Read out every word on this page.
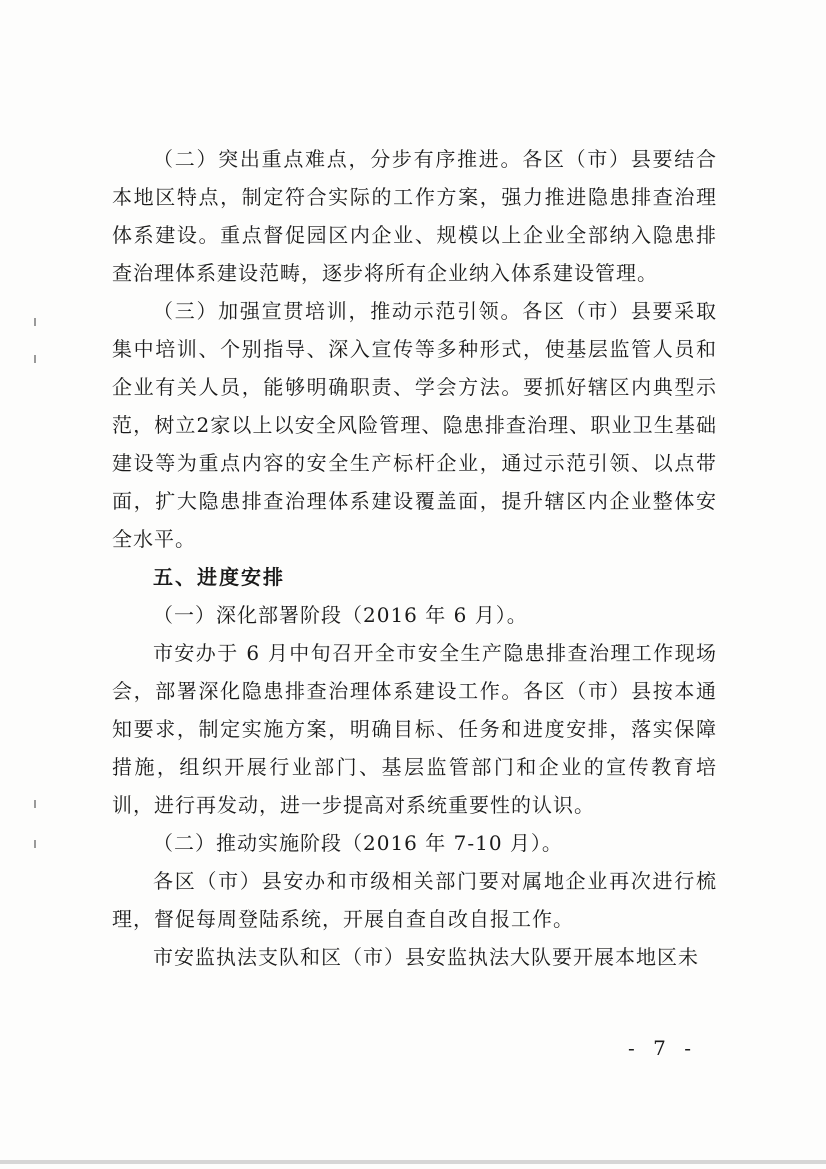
（二）突出重点难点，分步有序推进。各区（市）县要结合本地区特点，制定符合实际的工作方案，强力推进隐患排查治理体系建设。重点督促园区内企业、规模以上企业全部纳入隐患排查治理体系建设范畴，逐步将所有企业纳入体系建设管理。

（三）加强宣贯培训，推动示范引领。各区（市）县要采取集中培训、个别指导、深入宣传等多种形式，使基层监管人员和企业有关人员，能够明确职责、学会方法。要抓好辖区内典型示范，树立2家以上以安全风险管理、隐患排查治理、职业卫生基础建设等为重点内容的安全生产标杆企业，通过示范引领、以点带面，扩大隐患排查治理体系建设覆盖面，提升辖区内企业整体安全水平。

五、进度安排

（一）深化部署阶段（2016 年 6 月）。

市安办于 6 月中旬召开全市安全生产隐患排查治理工作现场会，部署深化隐患排查治理体系建设工作。各区（市）县按本通知要求，制定实施方案，明确目标、任务和进度安排，落实保障措施，组织开展行业部门、基层监管部门和企业的宣传教育培训，进行再发动，进一步提高对系统重要性的认识。

（二）推动实施阶段（2016 年 7-10 月）。

各区（市）县安办和市级相关部门要对属地企业再次进行梳理，督促每周登陆系统，开展自查自改自报工作。

市安监执法支队和区（市）县安监执法大队要开展本地区未

- 7 -
